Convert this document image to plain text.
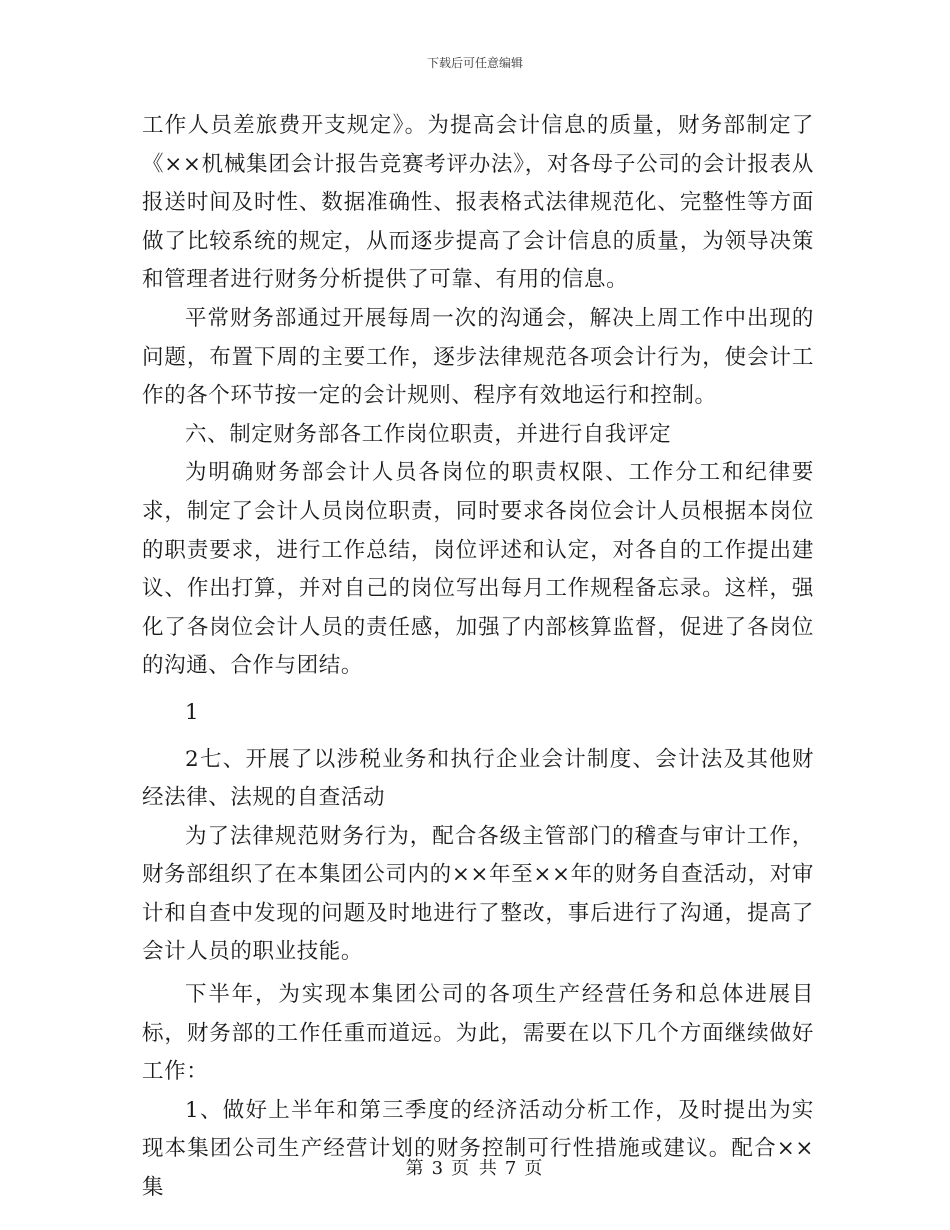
下载后可任意编辑

工作人员差旅费开支规定》。为提高会计信息的质量，财务部制定了《××机械集团会计报告竞赛考评办法》，对各母子公司的会计报表从报送时间及时性、数据准确性、报表格式法律规范化、完整性等方面做了比较系统的规定，从而逐步提高了会计信息的质量，为领导决策和管理者进行财务分析提供了可靠、有用的信息。

平常财务部通过开展每周一次的沟通会，解决上周工作中出现的问题，布置下周的主要工作，逐步法律规范各项会计行为，使会计工作的各个环节按一定的会计规则、程序有效地运行和控制。

六、制定财务部各工作岗位职责，并进行自我评定

为明确财务部会计人员各岗位的职责权限、工作分工和纪律要求，制定了会计人员岗位职责，同时要求各岗位会计人员根据本岗位的职责要求，进行工作总结，岗位评述和认定，对各自的工作提出建议、作出打算，并对自己的岗位写出每月工作规程备忘录。这样，强化了各岗位会计人员的责任感，加强了内部核算监督，促进了各岗位的沟通、合作与团结。

1

2七、开展了以涉税业务和执行企业会计制度、会计法及其他财经法律、法规的自查活动

为了法律规范财务行为，配合各级主管部门的稽查与审计工作，财务部组织了在本集团公司内的××年至××年的财务自查活动，对审计和自查中发现的问题及时地进行了整改，事后进行了沟通，提高了会计人员的职业技能。

下半年，为实现本集团公司的各项生产经营任务和总体进展目标，财务部的工作任重而道远。为此，需要在以下几个方面继续做好工作：

1、做好上半年和第三季度的经济活动分析工作，及时提出为实现本集团公司生产经营计划的财务控制可行性措施或建议。配合××集

第 3 页 共 7 页
